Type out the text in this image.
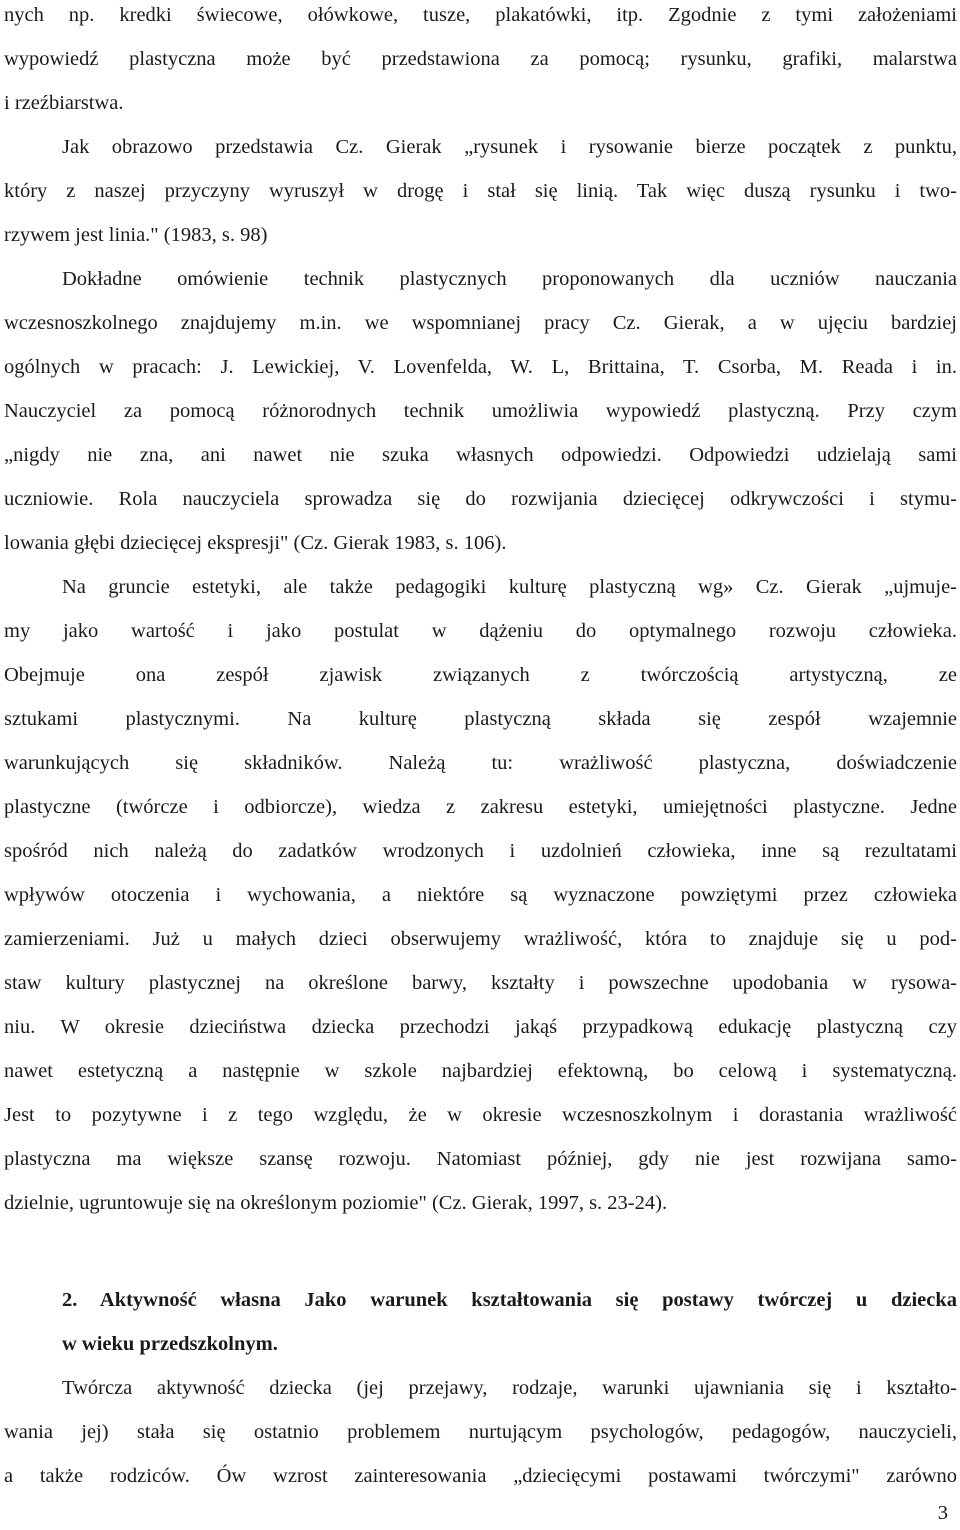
nych np. kredki świecowe, ołówkowe, tusze, plakatówki, itp. Zgodnie z tymi założeniami
wypowiedź plastyczna może być przedstawiona za pomocą; rysunku, grafiki, malarstwa
i rzeźbiarstwa.
Jak obrazowo przedstawia Cz. Gierak „rysunek i rysowanie bierze początek z punktu,
który z naszej przyczyny wyruszył w drogę i stał się linią. Tak więc duszą rysunku i two-
rzywem jest linia." (1983, s. 98)
Dokładne omówienie technik plastycznych proponowanych dla uczniów nauczania
wczesnoszkolnego znajdujemy m.in. we wspomnianej pracy Cz. Gierak, a w ujęciu bardziej
ogólnych w pracach: J. Lewickiej, V. Lovenfelda, W. L, Brittaina, T. Csorba, M. Reada i in.
Nauczyciel za pomocą różnorodnych technik umożliwia wypowiedź plastyczną. Przy czym
„nigdy nie zna, ani nawet nie szuka własnych odpowiedzi. Odpowiedzi udzielają sami
uczniowie. Rola nauczyciela sprowadza się do rozwijania dziecięcej odkrywczości i stymu-
lowania głębi dziecięcej ekspresji" (Cz. Gierak 1983, s. 106).
Na gruncie estetyki, ale także pedagogiki kulturę plastyczną wg» Cz. Gierak „ujmuje-
my jako wartość i jako postulat w dążeniu do optymalnego rozwoju człowieka.
Obejmuje ona zespół zjawisk związanych z twórczością artystyczną, ze
sztukami plastycznymi. Na kulturę plastyczną składa się zespół wzajemnie
warunkujących się składników. Należą tu: wrażliwość plastyczna, doświadczenie
plastyczne (twórcze i odbiorcze), wiedza z zakresu estetyki, umiejętności plastyczne. Jedne
spośród nich należą do zadatków wrodzonych i uzdolnień człowieka, inne są rezultatami
wpływów otoczenia i wychowania, a niektóre są wyznaczone powziętymi przez człowieka
zamierzeniami. Już u małych dzieci obserwujemy wrażliwość, która to znajduje się u pod-
staw kultury plastycznej na określone barwy, kształty i powszechne upodobania w rysowa-
niu. W okresie dzieciństwa dziecka przechodzi jakąś przypadkową edukację plastyczną czy
nawet estetyczną a następnie w szkole najbardziej efektowną, bo celową i systematyczną.
Jest to pozytywne i z tego względu, że w okresie wczesnoszkolnym i dorastania wrażliwość
plastyczna ma większe szansę rozwoju. Natomiast później, gdy nie jest rozwijana samo-
dzielnie, ugruntowuje się na określonym poziomie" (Cz. Gierak, 1997, s. 23-24).
2. Aktywność własna Jako warunek kształtowania się postawy twórczej u dziecka
w wieku przedszkolnym.
Twórcza aktywność dziecka (jej przejawy, rodzaje, warunki ujawniania się i kształto-
wania jej) stała się ostatnio problemem nurtującym psychologów, pedagogów, nauczycieli,
a także rodziców. Ów wzrost zainteresowania „dziecięcymi postawami twórczymi" zarówno
3
